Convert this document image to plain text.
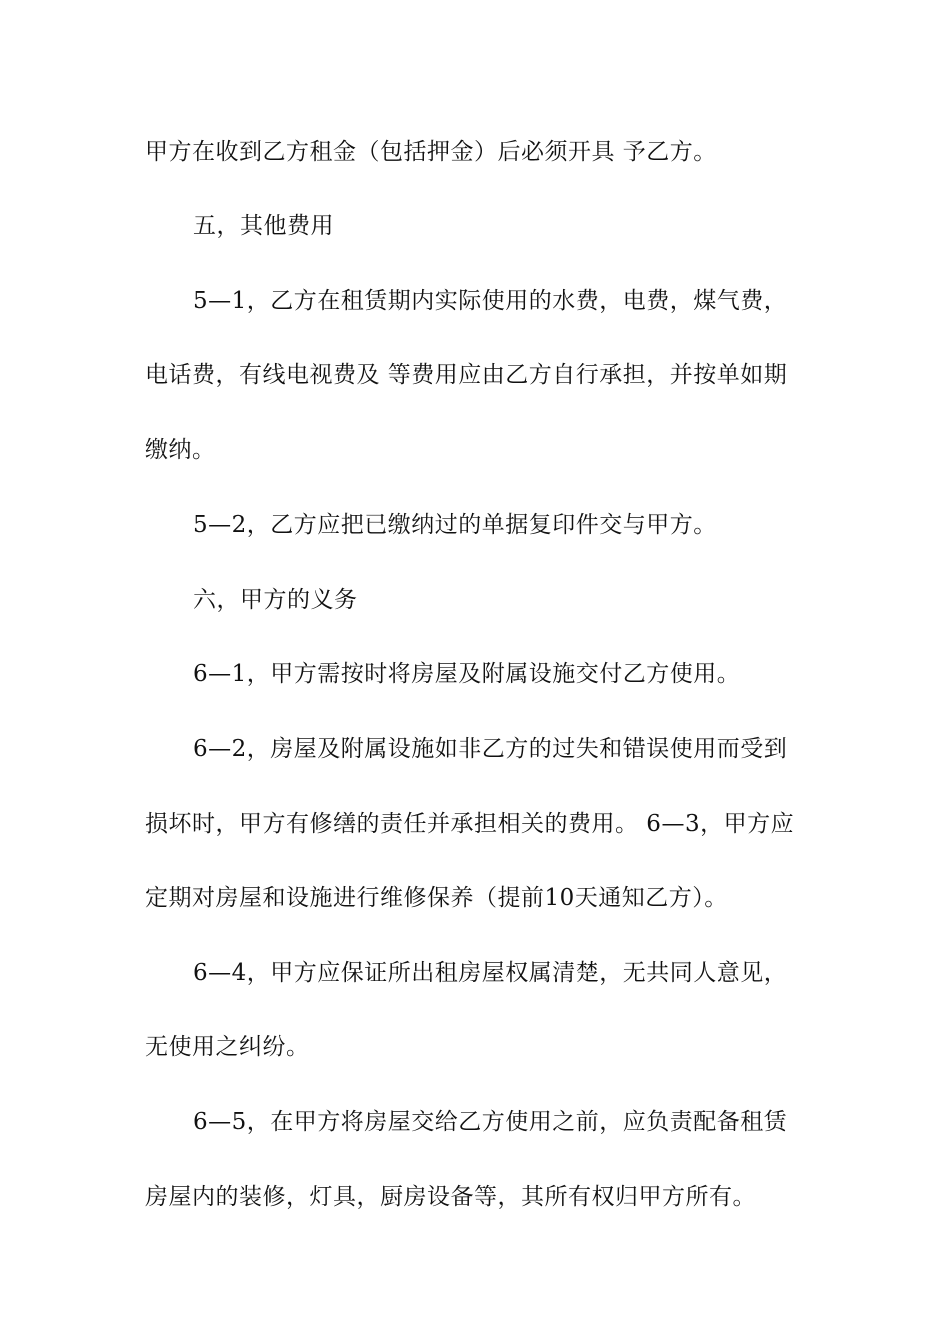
甲方在收到乙方租金（包括押金）后必须开具 予乙方。

五，其他费用

5—1，乙方在租赁期内实际使用的水费，电费，煤气费，

电话费，有线电视费及 等费用应由乙方自行承担，并按单如期

缴纳。

5—2，乙方应把已缴纳过的单据复印件交与甲方。

六，甲方的义务

6—1，甲方需按时将房屋及附属设施交付乙方使用。

6—2，房屋及附属设施如非乙方的过失和错误使用而受到

损坏时，甲方有修缮的责任并承担相关的费用。 6—3，甲方应

定期对房屋和设施进行维修保养（提前10天通知乙方）。

6—4，甲方应保证所出租房屋权属清楚，无共同人意见，

无使用之纠纷。

6—5，在甲方将房屋交给乙方使用之前，应负责配备租赁

房屋内的装修，灯具，厨房设备等，其所有权归甲方所有。
